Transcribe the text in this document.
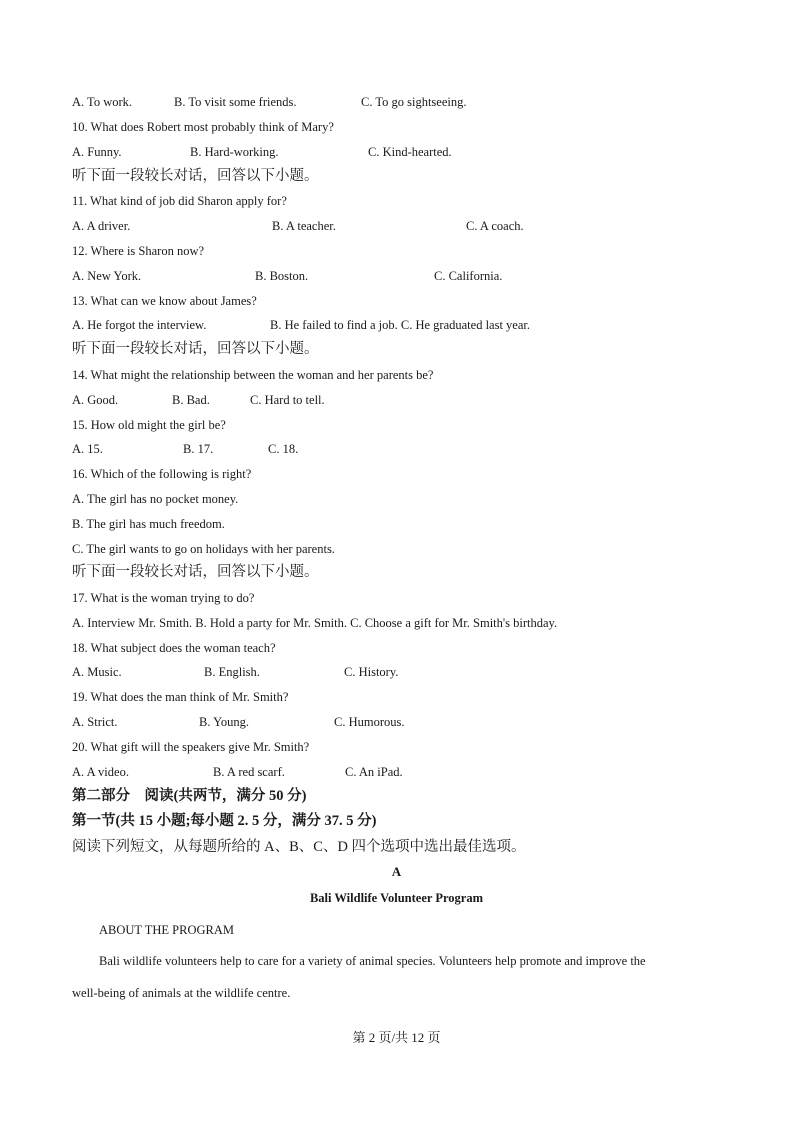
A. To work.	B. To visit some friends.	C. To go sightseeing.
10. What does Robert most probably think of Mary?
A. Funny.	B. Hard-working.	C. Kind-hearted.
听下面一段较长对话，回答以下小题。
11. What kind of job did Sharon apply for?
A. A driver.	B. A teacher.	C. A coach.
12. Where is Sharon now?
A. New York.	B. Boston.	C. California.
13. What can we know about James?
A. He forgot the interview.	B. He failed to find a job. C. He graduated last year.
听下面一段较长对话，回答以下小题。
14. What might the relationship between the woman and her parents be?
A. Good.	B. Bad.	C. Hard to tell.
15. How old might the girl be?
A. 15.	B. 17.	C. 18.
16. Which of the following is right?
A. The girl has no pocket money.
B. The girl has much freedom.
C. The girl wants to go on holidays with her parents.
听下面一段较长对话，回答以下小题。
17. What is the woman trying to do?
A. Interview Mr. Smith. B. Hold a party for Mr. Smith. C. Choose a gift for Mr. Smith's birthday.
18. What subject does the woman teach?
A. Music.	B. English.	C. History.
19. What does the man think of Mr. Smith?
A. Strict.	B. Young.	C. Humorous.
20. What gift will the speakers give Mr. Smith?
A. A video.	B. A red scarf.	C. An iPad.
第二部分　阅读(共两节，满分 50 分)
第一节(共 15 小题;每小题 2. 5 分，满分 37. 5 分)
阅读下列短文，从每题所给的 A、B、C、D 四个选项中选出最佳选项。
A
Bali Wildlife Volunteer Program
ABOUT THE PROGRAM
Bali wildlife volunteers help to care for a variety of animal species. Volunteers help promote and improve the
well-being of animals at the wildlife centre.
第 2 页/共 12 页
